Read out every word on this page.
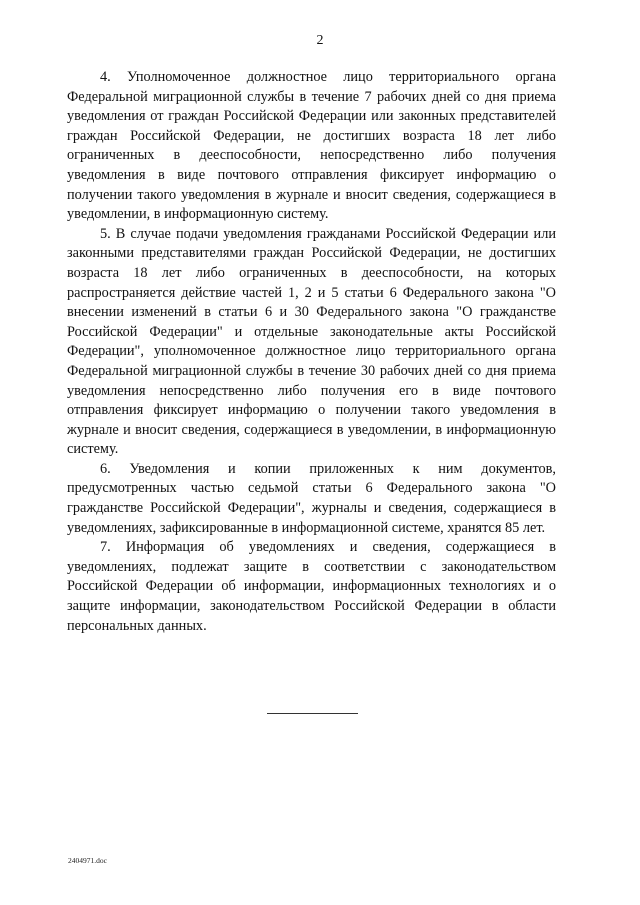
2

4. Уполномоченное должностное лицо территориального органа Федеральной миграционной службы в течение 7 рабочих дней со дня приема уведомления от граждан Российской Федерации или законных представителей граждан Российской Федерации, не достигших возраста 18 лет либо ограниченных в дееспособности, непосредственно либо получения уведомления в виде почтового отправления фиксирует информацию о получении такого уведомления в журнале и вносит сведения, содержащиеся в уведомлении, в информационную систему.

5. В случае подачи уведомления гражданами Российской Федерации или законными представителями граждан Российской Федерации, не достигших возраста 18 лет либо ограниченных в дееспособности, на которых распространяется действие частей 1, 2 и 5 статьи 6 Федерального закона "О внесении изменений в статьи 6 и 30 Федерального закона "О гражданстве Российской Федерации" и отдельные законодательные акты Российской Федерации", уполномоченное должностное лицо территориального органа Федеральной миграционной службы в течение 30 рабочих дней со дня приема уведомления непосредственно либо получения его в виде почтового отправления фиксирует информацию о получении такого уведомления в журнале и вносит сведения, содержащиеся в уведомлении, в информационную систему.

6. Уведомления и копии приложенных к ним документов, предусмотренных частью седьмой статьи 6 Федерального закона "О гражданстве Российской Федерации", журналы и сведения, содержащиеся в уведомлениях, зафиксированные в информационной системе, хранятся 85 лет.

7. Информация об уведомлениях и сведения, содержащиеся в уведомлениях, подлежат защите в соответствии с законодательством Российской Федерации об информации, информационных технологиях и о защите информации, законодательством Российской Федерации в области персональных данных.

2404971.doc
